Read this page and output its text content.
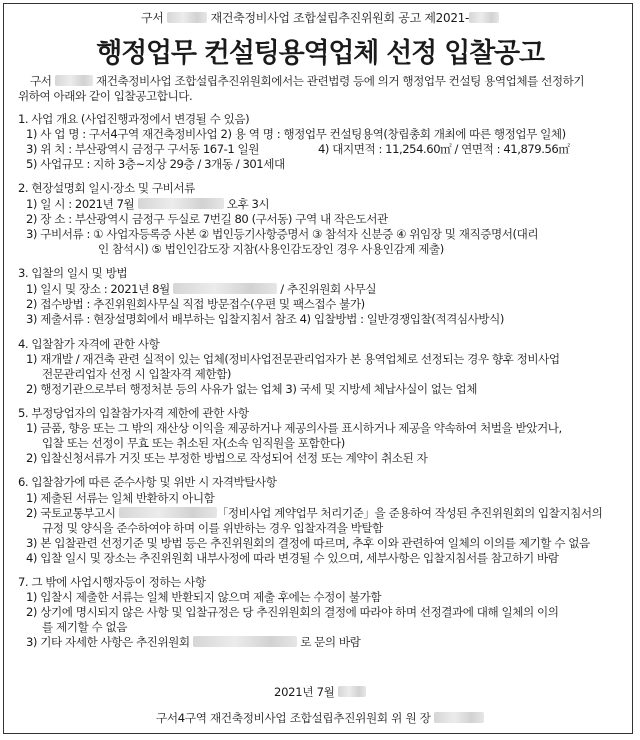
구서	재건축정비사업 조합설립추진위원회 공고 제2021-
행정업무 컨설팅용역업체 선정 입찰공고
구서	재건축정비사업 조합설립추진위원회에서는 관련법령 등에 의거 행정업무 컨설팅 용역업체를 선정하기
위하여 아래와 같이 입찰공고합니다.
1. 사업 개요 (사업진행과정에서 변경될 수 있음)
1) 사 업 명 : 구서4구역 재건축정비사업 2) 용 역 명 : 행정업무 컨설팅용역(창립총회 개최에 따른 행정업무 일체)
3) 위 치 : 부산광역시 금정구 구서동 167-1 일원	4) 대지면적 : 11,254.60㎡ / 연면적 : 41,879.56㎡
5) 사업규모 : 지하 3층~지상 29층 / 3개동 / 301세대
2. 현장설명회 일시·장소 및 구비서류
1) 일 시 : 2021년 7월	오후 3시
2) 장 소 : 부산광역시 금정구 두실로 7번길 80 (구서동) 구역 내 작은도서관
3) 구비서류 : ① 사업자등록증 사본 ② 법인등기사항증명서 ③ 참석자 신분증 ④ 위임장 및 재직증명서(대리
인 참석시) ⑤ 법인인감도장 지참(사용인감도장인 경우 사용인감계 제출)
3. 입찰의 일시 및 방법
1) 일시 및 장소 : 2021년 8월	/ 추진위원회 사무실
2) 접수방법 : 추진위원회사무실 직접 방문접수(우편 및 팩스접수 불가)
3) 제출서류 : 현장설명회에서 배부하는 입찰지침서 참조 4) 입찰방법 : 일반경쟁입찰(적격심사방식)
4. 입찰참가 자격에 관한 사항
1) 재개발 / 재건축 관련 실적이 있는 업체(정비사업전문관리업자가 본 용역업체로 선정되는 경우 향후 정비사업
전문관리업자 선정 시 입찰자격 제한함)
2) 행정기관으로부터 행정처분 등의 사유가 없는 업체 3) 국세 및 지방세 체납사실이 없는 업체
5. 부정당업자의 입찰참가자격 제한에 관한 사항
1) 금품, 향응 또는 그 밖의 재산상 이익을 제공하거나 제공의사를 표시하거나 제공을 약속하여 처벌을 받았거나,
입찰 또는 선정이 무효 또는 취소된 자(소속 임직원을 포함한다)
2) 입찰신청서류가 거짓 또는 부정한 방법으로 작성되어 선정 또는 계약이 취소된 자
6. 입찰참가에 따른 준수사항 및 위반 시 자격박탈사항
1) 제출된 서류는 일체 반환하지 아니함
2) 국토교통부고시	「정비사업 계약업무 처리기준」을 준용하여 작성된 추진위원회의 입찰지침서의
규정 및 양식을 준수하여야 하며 이를 위반하는 경우 입찰자격을 박탈함
3) 본 입찰관련 선정기준 및 방법 등은 추진위원회의 결정에 따르며, 추후 이와 관련하여 일체의 이의를 제기할 수 없음
4) 입찰 일시 및 장소는 추진위원회 내부사정에 따라 변경될 수 있으며, 세부사항은 입찰지침서를 참고하기 바람
7. 그 밖에 사업시행자등이 정하는 사항
1) 입찰시 제출한 서류는 일체 반환되지 않으며 제출 후에는 수정이 불가함
2) 상기에 명시되지 않은 사항 및 입찰규정은 당 추진위원회의 결정에 따라야 하며 선정결과에 대해 일체의 이의
를 제기할 수 없음
3) 기타 자세한 사항은 추진위원회	로 문의 바람
2021년 7월
구서4구역 재건축정비사업 조합설립추진위원회 위 원 장
